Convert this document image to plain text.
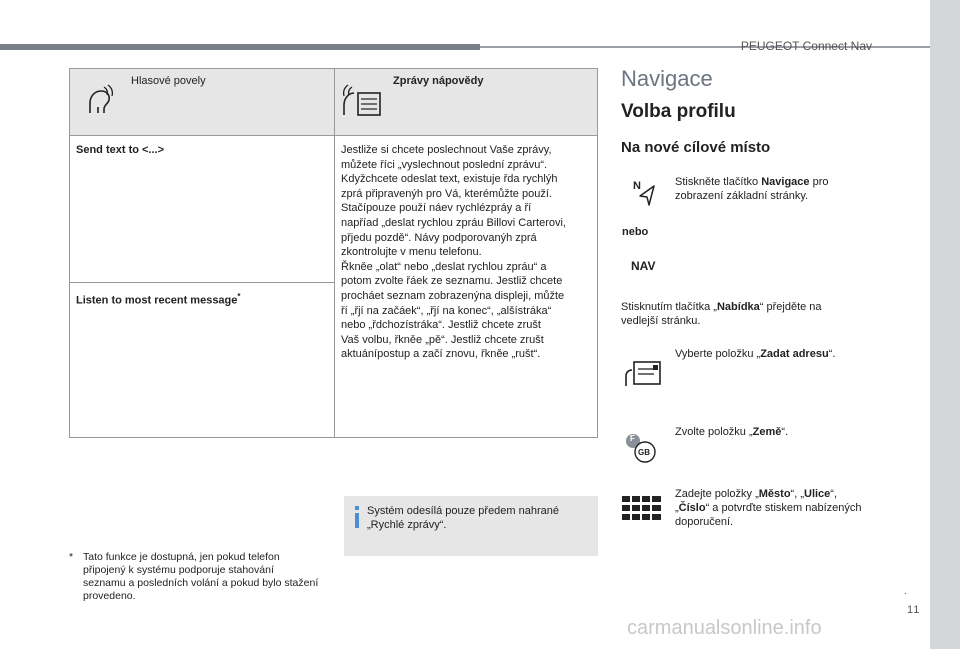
PEUGEOT Connect Nav
Hlasové povely	Zprávy nápovědy
Send text to <...>
Listen to most recent message*
Jestliže si chcete poslechnout Vaše zprávy,
můžete říci „vyslechnout poslední zprávu“.
Kdyžchcete odeslat text, existuje řda rychlýh
zprá připravenýh pro Vá, kterémůžte použí.
Stačípouze použí náev rychlézpráy a ří
napříad „deslat rychlou zpráu Billovi Carterovi,
přjedu pozdě“. Návy podporovanýh zprá
zkontrolujte v menu telefonu.
Řkněe „olat“ nebo „deslat rychlou zpráu“ a
potom zvolte řáek ze seznamu. Jestliž chcete
procháet seznam zobrazenýna displeji, můžte
ří „řjí na začáek“, „řjí na konec“, „alšístráka“
nebo „řdchozístráka“. Jestliž chcete zrušt
Vaš volbu, řkněe „pě“. Jestliž chcete zrušt
aktuánípostup a začí znovu, řkněe „rušt“.
Systém odesílá pouze předem nahrané „Rychlé zprávy“.
* Tato funkce je dostupná, jen pokud telefon připojený k systému podporuje stahování seznamu a posledních volání a pokud bylo stažení provedeno.
Navigace
Volba profilu
Na nové cílové místo
N	Stiskněte tlačítko Navigace pro zobrazení základní stránky.
nebo
NAV
Stisknutím tlačítka „Nabídka“ přejděte na vedlejší stránku.
Vyberte položku „Zadat adresu“.
F
GB
Zvolte položku „Země“.
Zadejte položky „Město“, „Ulice“, „Číslo“ a potvrďte stiskem nabízených doporučení.
.
11
carmanualsonline.info
